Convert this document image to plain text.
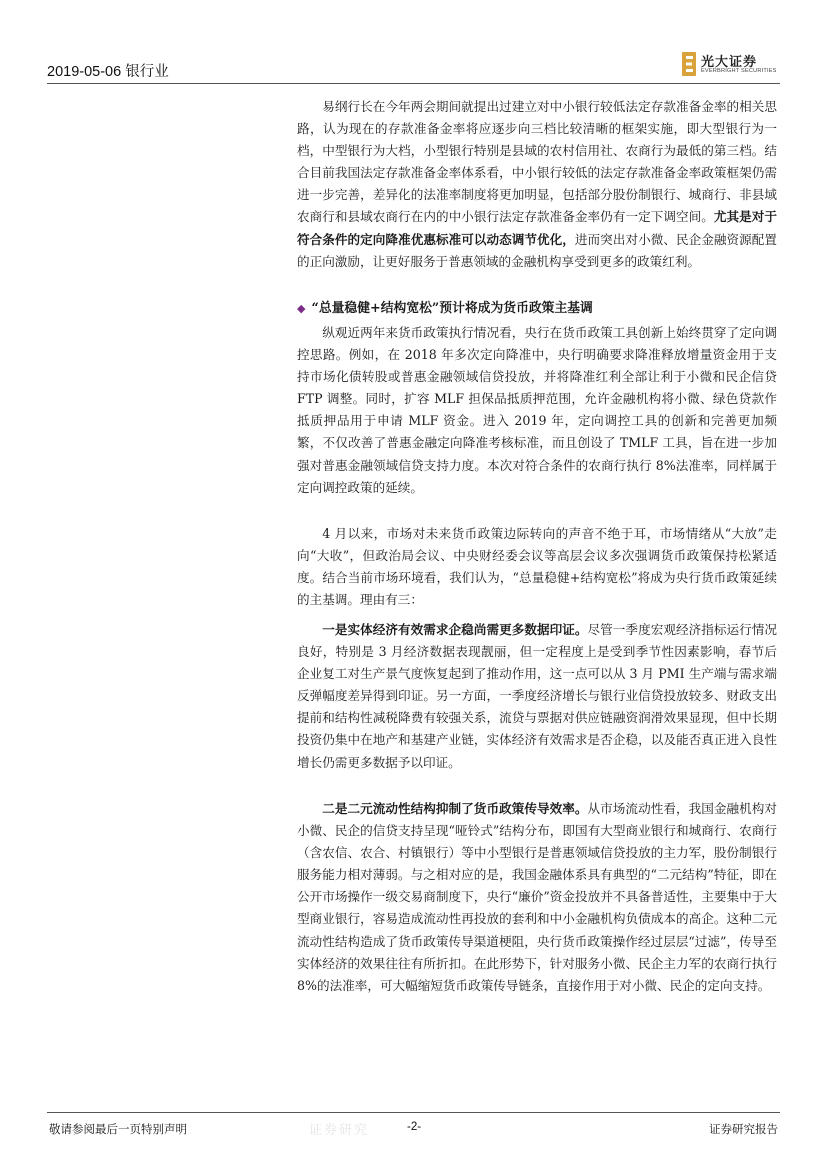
2019-05-06 银行业
光大证券
EVERBRIGHT SECURITIES

易纲行长在今年两会期间就提出过建立对中小银行较低法定存款准备金率的相关思路，认为现在的存款准备金率将应逐步向三档比较清晰的框架实施，即大型银行为一档，中型银行为大档，小型银行特别是县域的农村信用社、农商行为最低的第三档。结合目前我国法定存款准备金率体系看，中小银行较低的法定存款准备金率政策框架仍需进一步完善，差异化的法准率制度将更加明显，包括部分股份制银行、城商行、非县域农商行和县域农商行在内的中小银行法定存款准备金率仍有一定下调空间。尤其是对于符合条件的定向降准优惠标准可以动态调节优化，进而突出对小微、民企金融资源配置的正向激励，让更好服务于普惠领域的金融机构享受到更多的政策红利。

◆ “总量稳健+结构宽松”预计将成为货币政策主基调

纵观近两年来货币政策执行情况看，央行在货币政策工具创新上始终贯穿了定向调控思路。例如，在 2018 年多次定向降准中，央行明确要求降准释放增量资金用于支持市场化债转股或普惠金融领域信贷投放，并将降准红利全部让利于小微和民企信贷 FTP 调整。同时，扩容 MLF 担保品抵质押范围，允许金融机构将小微、绿色贷款作抵质押品用于申请 MLF 资金。进入 2019 年，定向调控工具的创新和完善更加频繁，不仅改善了普惠金融定向降准考核标准，而且创设了 TMLF 工具，旨在进一步加强对普惠金融领域信贷支持力度。本次对符合条件的农商行执行 8%法准率，同样属于定向调控政策的延续。

4 月以来，市场对未来货币政策边际转向的声音不绝于耳，市场情绪从“大放”走向“大收”，但政治局会议、中央财经委会议等高层会议多次强调货币政策保持松紧适度。结合当前市场环境看，我们认为，“总量稳健+结构宽松”将成为央行货币政策延续的主基调。理由有三：

一是实体经济有效需求企稳尚需更多数据印证。尽管一季度宏观经济指标运行情况良好，特别是 3 月经济数据表现靓丽，但一定程度上是受到季节性因素影响，春节后企业复工对生产景气度恢复起到了推动作用，这一点可以从 3 月 PMI 生产端与需求端反弹幅度差异得到印证。另一方面，一季度经济增长与银行业信贷投放较多、财政支出提前和结构性减税降费有较强关系，流贷与票据对供应链融资润滑效果显现，但中长期投资仍集中在地产和基建产业链，实体经济有效需求是否企稳，以及能否真正进入良性增长仍需更多数据予以印证。

二是二元流动性结构抑制了货币政策传导效率。从市场流动性看，我国金融机构对小微、民企的信贷支持呈现“哑铃式”结构分布，即国有大型商业银行和城商行、农商行（含农信、农合、村镇银行）等中小型银行是普惠领域信贷投放的主力军，股份制银行服务能力相对薄弱。与之相对应的是，我国金融体系具有典型的“二元结构”特征，即在公开市场操作一级交易商制度下，央行“廉价”资金投放并不具备普适性，主要集中于大型商业银行，容易造成流动性再投放的套利和中小金融机构负债成本的高企。这种二元流动性结构造成了货币政策传导渠道梗阻，央行货币政策操作经过层层“过滤”，传导至实体经济的效果往往有所折扣。在此形势下，针对服务小微、民企主力军的农商行执行 8%的法准率，可大幅缩短货币政策传导链条，直接作用于对小微、民企的定向支持。

敬请参阅最后一页特别声明	证券研究	-2-	证券研究报告
